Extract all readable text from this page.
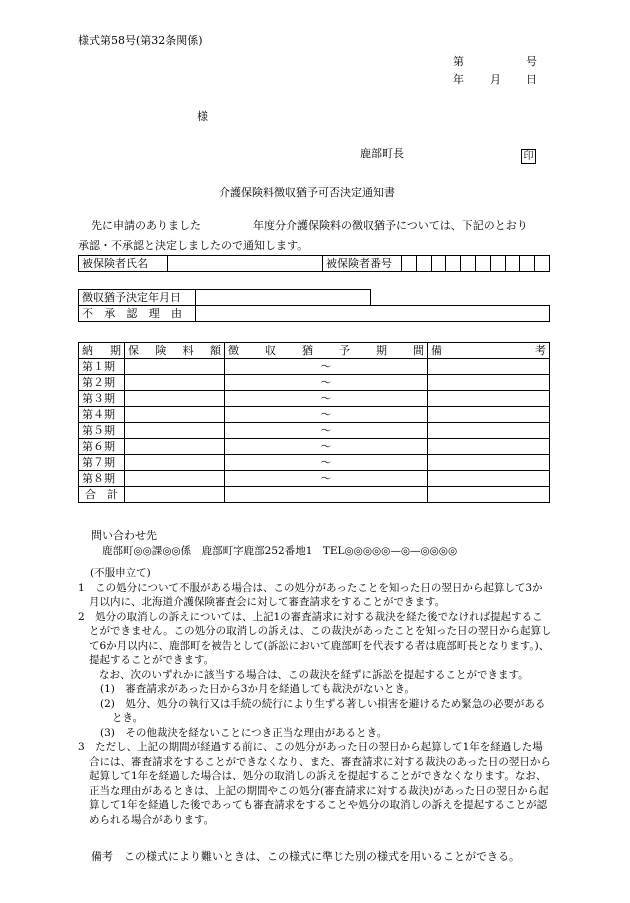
様式第58号(第32条関係)
第	号
年 月 日
様
鹿部町長	印
介護保険料徴収猶予可否決定通知書
先に申請のありました	年度分介護保険料の徴収猶予については、下記のとおり
承認・不承認と決定しましたので通知します。
被保険者氏名		被保険者番号										
徴収猶予決定年月日		

不承認理由		

納期	保険料額	徴収猶予期間	備考

第１期		～	
第２期		～	
第３期		～	
第４期		～	
第５期		～	
第６期		～	
第７期		～	
第８期		～	

合計			

問い合わせ先
鹿部町◎◎課◎◎係　鹿部町字鹿部252番地1　TEL◎◎◎◎◎—◎—◎◎◎◎

(不服申立て)

1　この処分について不服がある場合は、この処分があったことを知った日の翌日から起算して3か月以内に、北海道介護保険審査会に対して審査請求をすることができます。

2　処分の取消しの訴えについては、上記1の審査請求に対する裁決を経た後でなければ提起することができません。この処分の取消しの訴えは、この裁決があったことを知った日の翌日から起算して6か月以内に、鹿部町を被告として(訴訟において鹿部町を代表する者は鹿部町長となります。)、提起することができます。

なお、次のいずれかに該当する場合は、この裁決を経ずに訴訟を提起することができます。

(1)　審査請求があった日から3か月を経過しても裁決がないとき。

(2)　処分、処分の執行又は手続の続行により生ずる著しい損害を避けるため緊急の必要があるとき。

(3)　その他裁決を経ないことにつき正当な理由があるとき。

3　ただし、上記の期間が経過する前に、この処分があった日の翌日から起算して1年を経過した場合には、審査請求をすることができなくなり、また、審査請求に対する裁決のあった日の翌日から起算して1年を経過した場合は、処分の取消しの訴えを提起することができなくなります。なお、正当な理由があるときは、上記の期間やこの処分(審査請求に対する裁決)があった日の翌日から起算して1年を経過した後であっても審査請求をすることや処分の取消しの訴えを提起することが認められる場合があります。

備考　この様式により難いときは、この様式に準じた別の様式を用いることができる。
